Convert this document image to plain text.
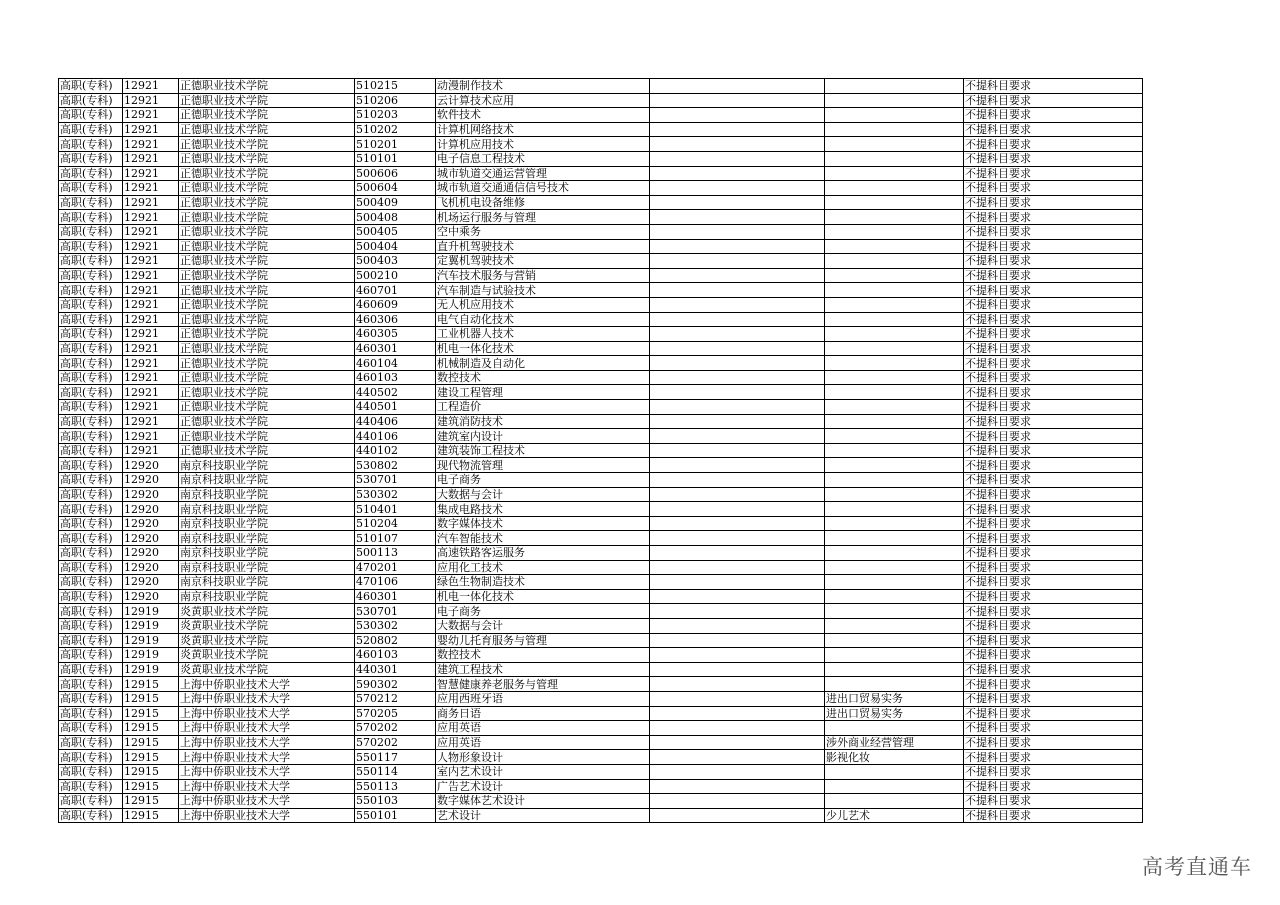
高职(专科)	12921	正德职业技术学院	510215	动漫制作技术			不提科目要求
高职(专科)	12921	正德职业技术学院	510206	云计算技术应用			不提科目要求
高职(专科)	12921	正德职业技术学院	510203	软件技术			不提科目要求
高职(专科)	12921	正德职业技术学院	510202	计算机网络技术			不提科目要求
高职(专科)	12921	正德职业技术学院	510201	计算机应用技术			不提科目要求
高职(专科)	12921	正德职业技术学院	510101	电子信息工程技术			不提科目要求
高职(专科)	12921	正德职业技术学院	500606	城市轨道交通运营管理			不提科目要求
高职(专科)	12921	正德职业技术学院	500604	城市轨道交通通信信号技术			不提科目要求
高职(专科)	12921	正德职业技术学院	500409	飞机机电设备维修			不提科目要求
高职(专科)	12921	正德职业技术学院	500408	机场运行服务与管理			不提科目要求
高职(专科)	12921	正德职业技术学院	500405	空中乘务			不提科目要求
高职(专科)	12921	正德职业技术学院	500404	直升机驾驶技术			不提科目要求
高职(专科)	12921	正德职业技术学院	500403	定翼机驾驶技术			不提科目要求
高职(专科)	12921	正德职业技术学院	500210	汽车技术服务与营销			不提科目要求
高职(专科)	12921	正德职业技术学院	460701	汽车制造与试验技术			不提科目要求
高职(专科)	12921	正德职业技术学院	460609	无人机应用技术			不提科目要求
高职(专科)	12921	正德职业技术学院	460306	电气自动化技术			不提科目要求
高职(专科)	12921	正德职业技术学院	460305	工业机器人技术			不提科目要求
高职(专科)	12921	正德职业技术学院	460301	机电一体化技术			不提科目要求
高职(专科)	12921	正德职业技术学院	460104	机械制造及自动化			不提科目要求
高职(专科)	12921	正德职业技术学院	460103	数控技术			不提科目要求
高职(专科)	12921	正德职业技术学院	440502	建设工程管理			不提科目要求
高职(专科)	12921	正德职业技术学院	440501	工程造价			不提科目要求
高职(专科)	12921	正德职业技术学院	440406	建筑消防技术			不提科目要求
高职(专科)	12921	正德职业技术学院	440106	建筑室内设计			不提科目要求
高职(专科)	12921	正德职业技术学院	440102	建筑装饰工程技术			不提科目要求
高职(专科)	12920	南京科技职业学院	530802	现代物流管理			不提科目要求
高职(专科)	12920	南京科技职业学院	530701	电子商务			不提科目要求
高职(专科)	12920	南京科技职业学院	530302	大数据与会计			不提科目要求
高职(专科)	12920	南京科技职业学院	510401	集成电路技术			不提科目要求
高职(专科)	12920	南京科技职业学院	510204	数字媒体技术			不提科目要求
高职(专科)	12920	南京科技职业学院	510107	汽车智能技术			不提科目要求
高职(专科)	12920	南京科技职业学院	500113	高速铁路客运服务			不提科目要求
高职(专科)	12920	南京科技职业学院	470201	应用化工技术			不提科目要求
高职(专科)	12920	南京科技职业学院	470106	绿色生物制造技术			不提科目要求
高职(专科)	12920	南京科技职业学院	460301	机电一体化技术			不提科目要求
高职(专科)	12919	炎黄职业技术学院	530701	电子商务			不提科目要求
高职(专科)	12919	炎黄职业技术学院	530302	大数据与会计			不提科目要求
高职(专科)	12919	炎黄职业技术学院	520802	婴幼儿托育服务与管理			不提科目要求
高职(专科)	12919	炎黄职业技术学院	460103	数控技术			不提科目要求
高职(专科)	12919	炎黄职业技术学院	440301	建筑工程技术			不提科目要求
高职(专科)	12915	上海中侨职业技术大学	590302	智慧健康养老服务与管理			不提科目要求
高职(专科)	12915	上海中侨职业技术大学	570212	应用西班牙语		进出口贸易实务	不提科目要求
高职(专科)	12915	上海中侨职业技术大学	570205	商务日语		进出口贸易实务	不提科目要求
高职(专科)	12915	上海中侨职业技术大学	570202	应用英语			不提科目要求
高职(专科)	12915	上海中侨职业技术大学	570202	应用英语		涉外商业经营管理	不提科目要求
高职(专科)	12915	上海中侨职业技术大学	550117	人物形象设计		影视化妆	不提科目要求
高职(专科)	12915	上海中侨职业技术大学	550114	室内艺术设计			不提科目要求
高职(专科)	12915	上海中侨职业技术大学	550113	广告艺术设计			不提科目要求
高职(专科)	12915	上海中侨职业技术大学	550103	数字媒体艺术设计			不提科目要求
高职(专科)	12915	上海中侨职业技术大学	550101	艺术设计		少儿艺术	不提科目要求
高考直通车
